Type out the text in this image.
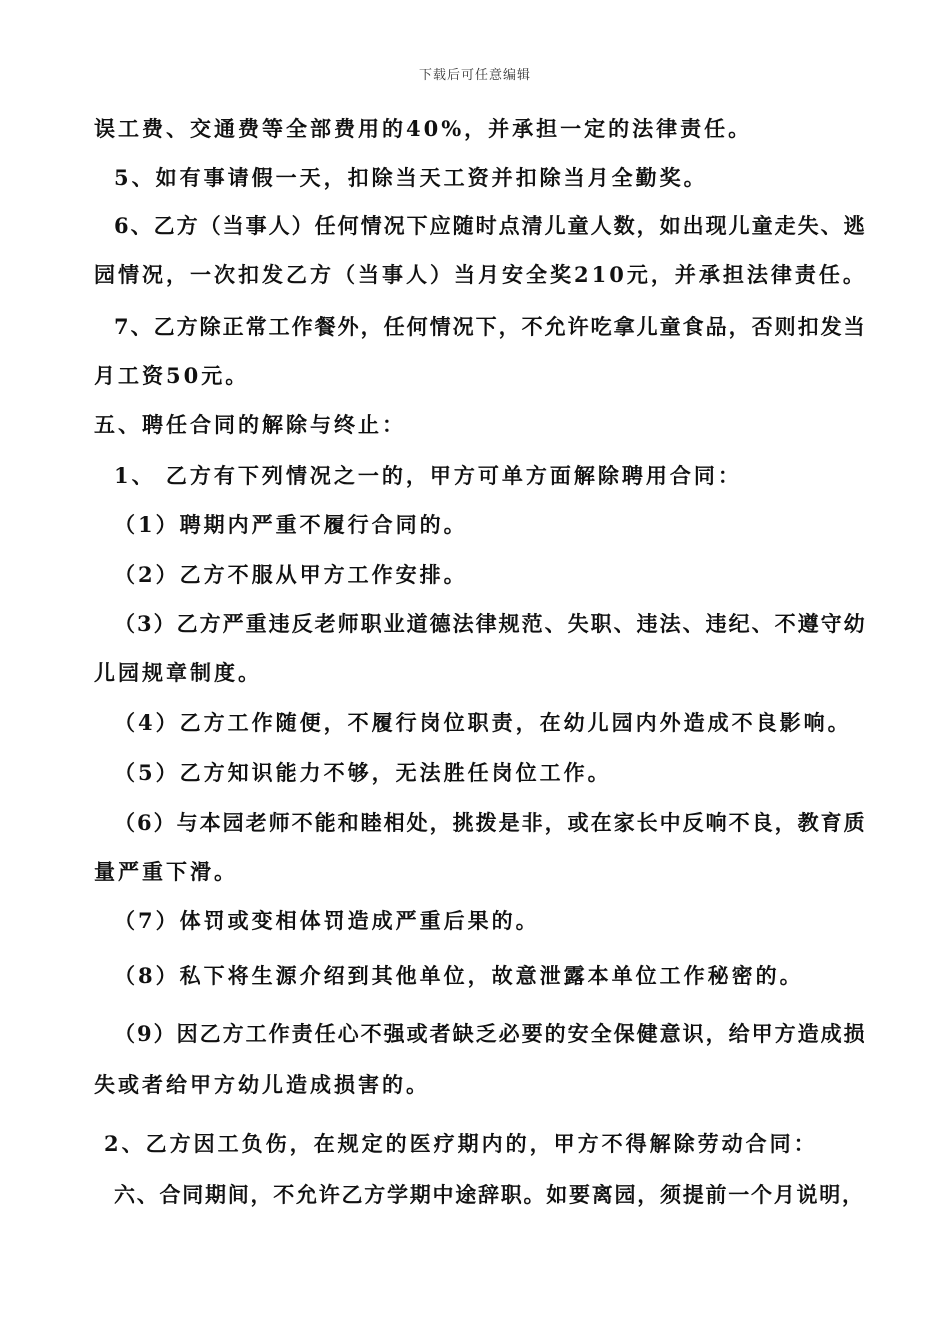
下载后可任意编辑
误工费、交通费等全部费用的40%，并承担一定的法律责任。
5、如有事请假一天，扣除当天工资并扣除当月全勤奖。
6、乙方（当事人）任何情况下应随时点清儿童人数，如出现儿童走失、逃
园情况，一次扣发乙方（当事人）当月安全奖210元，并承担法律责任。
7、乙方除正常工作餐外，任何情况下，不允许吃拿儿童食品，否则扣发当
月工资50元。
五、聘任合同的解除与终止：
1、 乙方有下列情况之一的，甲方可单方面解除聘用合同：
（1）聘期内严重不履行合同的。
（2）乙方不服从甲方工作安排。
（3）乙方严重违反老师职业道德法律规范、失职、违法、违纪、不遵守幼
儿园规章制度。
（4）乙方工作随便，不履行岗位职责，在幼儿园内外造成不良影响。
（5）乙方知识能力不够，无法胜任岗位工作。
（6）与本园老师不能和睦相处，挑拨是非，或在家长中反响不良，教育质
量严重下滑。
（7）体罚或变相体罚造成严重后果的。
（8）私下将生源介绍到其他单位，故意泄露本单位工作秘密的。
（9）因乙方工作责任心不强或者缺乏必要的安全保健意识，给甲方造成损
失或者给甲方幼儿造成损害的。
2、乙方因工负伤，在规定的医疗期内的，甲方不得解除劳动合同：
六、合同期间，不允许乙方学期中途辞职。如要离园，须提前一个月说明，
